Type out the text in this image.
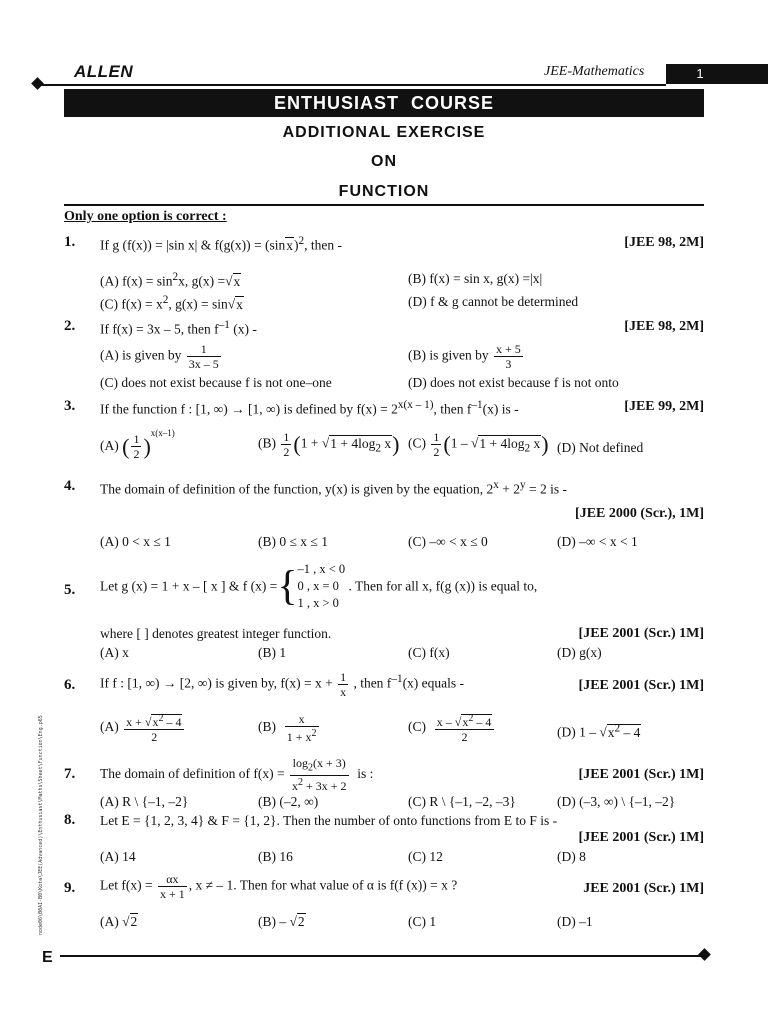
ALLEN	JEE-Mathematics	1
ENTHUSIAST  COURSE
ADDITIONAL EXERCISE
ON
FUNCTION
Only one option is correct :
1. If g (f(x)) = |sin x| & $f(g(x)) = (\sin x)^2$, then -	[JEE 98, 2M]
(A) $f(x) = \sin^2x$, g(x) =√x	(B) f(x) = sin x, g(x) =|x|
(C) $f(x) = x^2$, g(x) = sin√x	(D) f & g cannot be determined
2. If f(x) = 3x – 5, then $f^{-1}$ (x) -	[JEE 98, 2M]
(A) is given by $\frac{1}{3x - 5}$	(B) is given by $\frac{x + 5}{3}$
(C) does not exist because f is not one–one	(D) does not exist because f is not onto
3. If the function f : [1, ∞) → [1, ∞) is defined by $f(x) = 2^{x(x - 1)}$, then $f^{-1}(x)$ is -	[JEE 99, 2M]
(A) ( $\frac{1}{2} )^{x(x-1)}$
$(B) \frac{1}{2} (1 + √1 + 4\log_2$ x) $(C) \frac{1}{2} (1 - √1 + 4\log_2$ x) (D) Not defined
4. The domain of definition of the function, y(x) is given by the equation, $2^x + 2^y = 2$ is -
[JEE 2000 (Scr.), 1M]
(A) 0 < x ≤ 1	(B) 0 ≤ x ≤ 1	(C) –∞ < x ≤ 0	(D) –∞ < x < 1
5. Let g (x) = 1 + x – [ x ] & f (x) ={–1 , x < 0
0 , x = 0
1 , x > 0 . Then for all x, f(g (x)) is equal to,
where [ ] denotes greatest integer function.	[JEE 2001 (Scr.) 1M]
(A) x	(B) 1	(C) f(x)	(D) g(x)
6. If f : [1, ∞) → [2, ∞) is given by, $f(x) = x + \frac{1}{x}$ , then $f^{-1}(x)$ equals -	[JEE 2001 (Scr.) 1M]
$(A) \frac{x + √x^2 - 4}{2}$	$(B) \frac{x}{1 + x^2}$	$(C) \frac{x - √x^2 - 4}{2}$	(D) $1 - √x^2 - 4$
7. The domain of definition of $f(x) = \frac{\log_2(x + 3)}{x^2 + 3x + 2}$ is :	[JEE 2001 (Scr.) 1M]
(A) R \ {–1, –2}	(B) (–2, ∞)	(C) R \ {–1, –2, –3}	(D) (–3, ∞) \ {–1, –2}
8. Let E = {1, 2, 3, 4} & F = {1, 2}. Then the number of onto functions from E to F is -
[JEE 2001 (Scr.) 1M]
(A) 14	(B) 16	(C) 12	(D) 8
9. Let $f(x) = \frac{\alpha x}{x + 1}$ , x ≠ – 1. Then for what value of α is f(f (x)) = x ?	JEE 2001 (Scr.) 1M]
(A) √2	(B) – √2	(C) 1	(D) –1
node06\B0AI-B0\Kota\JEE(Advanced)\Enthusiast\Maths\Sheet\Function\Eng.p65
E
